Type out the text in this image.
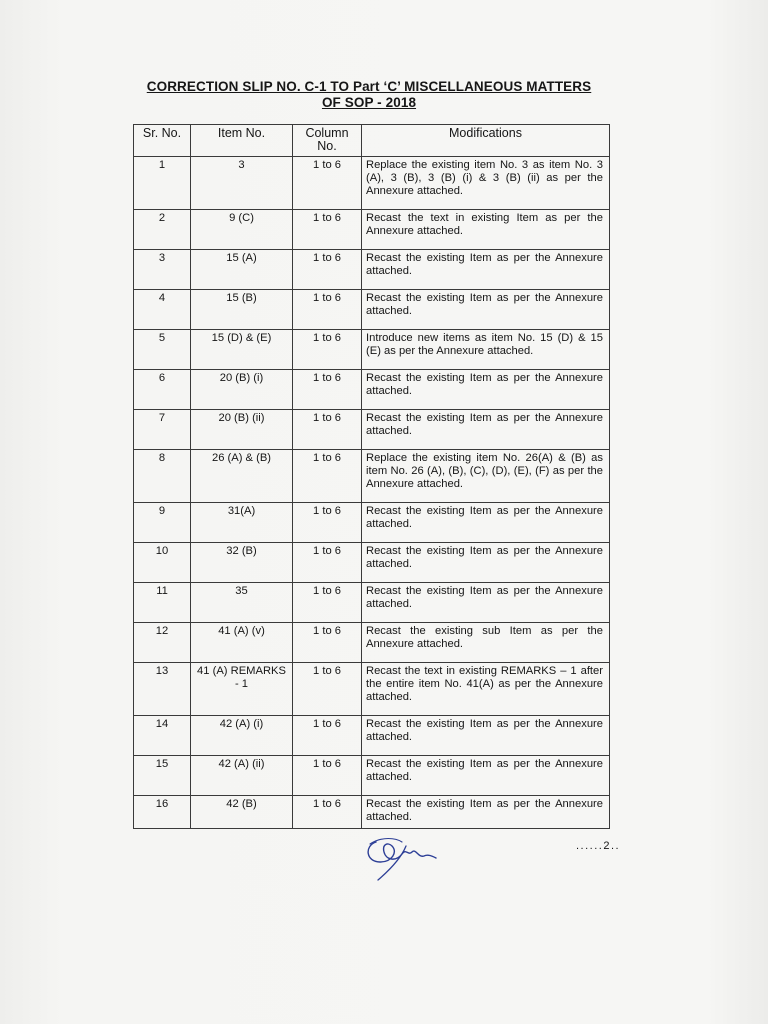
CORRECTION SLIP NO. C-1 TO Part ‘C’ MISCELLANEOUS MATTERS
OF SOP - 2018
Sr. No.	Item No.	Column No.	Modifications
1	3	1 to 6	Replace the existing item No. 3 as item No. 3 (A), 3 (B), 3 (B) (i) & 3 (B) (ii) as per the Annexure attached.
2	9 (C)	1 to 6	Recast the text in existing Item as per the Annexure attached.
3	15 (A)	1 to 6	Recast the existing Item as per the Annexure attached.
4	15 (B)	1 to 6	Recast the existing Item as per the Annexure attached.
5	15 (D) & (E)	1 to 6	Introduce new items as item No. 15 (D) & 15 (E) as per the Annexure attached.
6	20 (B) (i)	1 to 6	Recast the existing Item as per the Annexure attached.
7	20 (B) (ii)	1 to 6	Recast the existing Item as per the Annexure attached.
8	26 (A) & (B)	1 to 6	Replace the existing item No. 26(A) & (B) as item No. 26 (A), (B), (C), (D), (E), (F) as per the Annexure attached.
9	31(A)	1 to 6	Recast the existing Item as per the Annexure attached.
10	32 (B)	1 to 6	Recast the existing Item as per the Annexure attached.
11	35	1 to 6	Recast the existing Item as per the Annexure attached.
12	41 (A) (v)	1 to 6	Recast the existing sub Item as per the Annexure attached.
13	41 (A) REMARKS - 1	1 to 6	Recast the text in existing REMARKS – 1 after the entire item No. 41(A) as per the Annexure attached.
14	42 (A) (i)	1 to 6	Recast the existing Item as per the Annexure attached.
15	42 (A) (ii)	1 to 6	Recast the existing Item as per the Annexure attached.
16	42 (B)	1 to 6	Recast the existing Item as per the Annexure attached.
......2..
